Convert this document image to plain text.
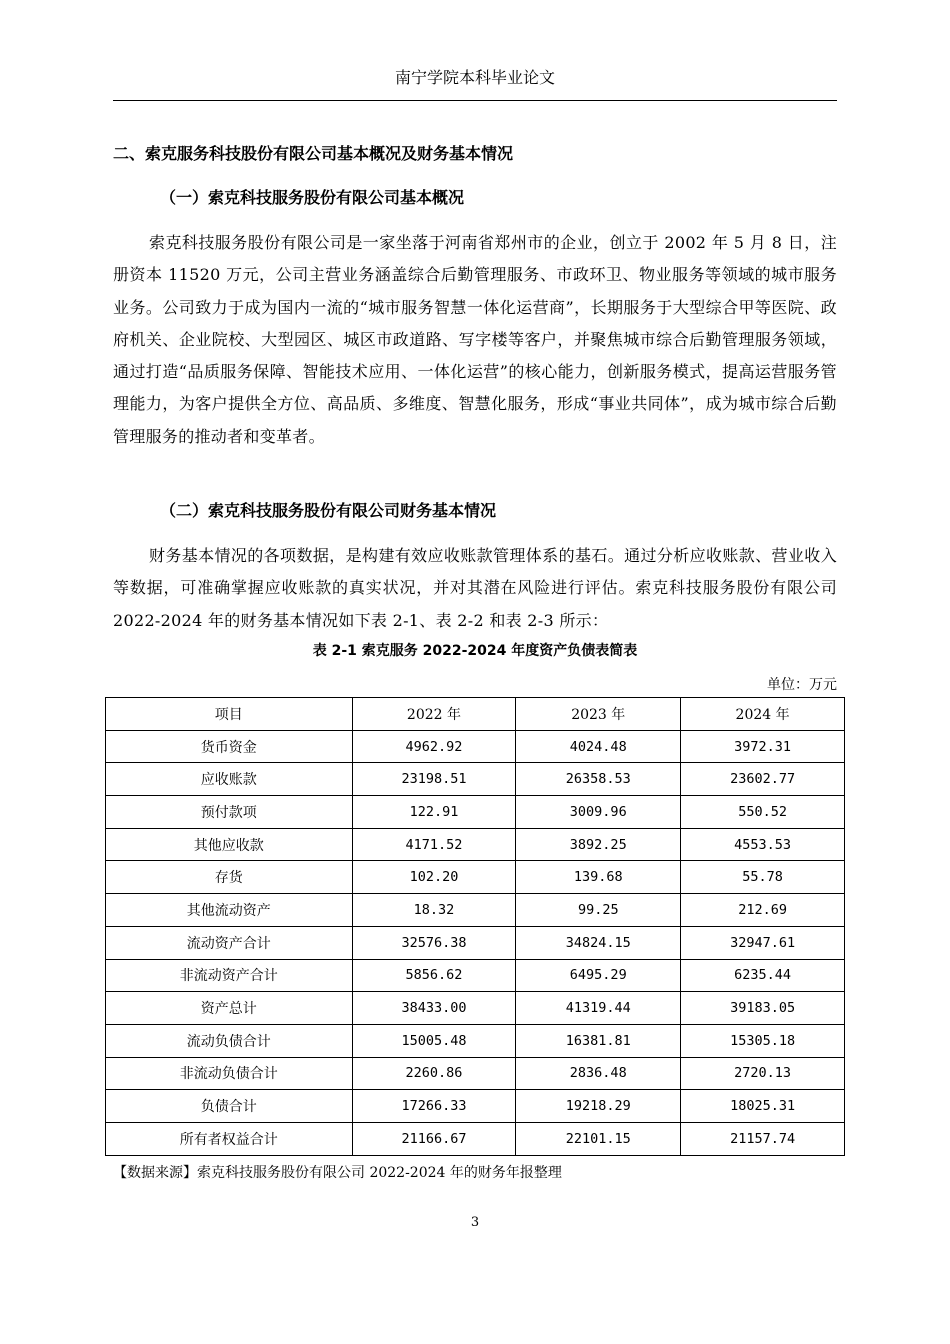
南宁学院本科毕业论文
二、索克服务科技股份有限公司基本概况及财务基本情况
（一）索克科技服务股份有限公司基本概况

索克科技服务股份有限公司是一家坐落于河南省郑州市的企业，创立于 2002 年 5 月 8 日，注册资本 11520 万元，公司主营业务涵盖综合后勤管理服务、市政环卫、物业服务等领域的城市服务业务。公司致力于成为国内一流的“城市服务智慧一体化运营商”，长期服务于大型综合甲等医院、政府机关、企业院校、大型园区、城区市政道路、写字楼等客户，并聚焦城市综合后勤管理服务领域，通过打造“品质服务保障、智能技术应用、一体化运营”的核心能力，创新服务模式，提高运营服务管理能力，为客户提供全方位、高品质、多维度、智慧化服务，形成“事业共同体”，成为城市综合后勤管理服务的推动者和变革者。

（二）索克科技服务股份有限公司财务基本情况

财务基本情况的各项数据，是构建有效应收账款管理体系的基石。通过分析应收账款、营业收入等数据，可准确掌握应收账款的真实状况，并对其潜在风险进行评估。索克科技服务股份有限公司 2022-2024 年的财务基本情况如下表 2-1、表 2-2 和表 2-3 所示：

表 2-1 索克服务 2022-2024 年度资产负债表简表
单位：万元
项目	2022 年	2023 年	2024 年
货币资金	4962.92	4024.48	3972.31
应收账款	23198.51	26358.53	23602.77
预付款项	122.91	3009.96	550.52
其他应收款	4171.52	3892.25	4553.53
存货	102.20	139.68	55.78
其他流动资产	18.32	99.25	212.69
流动资产合计	32576.38	34824.15	32947.61
非流动资产合计	5856.62	6495.29	6235.44
资产总计	38433.00	41319.44	39183.05
流动负债合计	15005.48	16381.81	15305.18
非流动负债合计	2260.86	2836.48	2720.13
负债合计	17266.33	19218.29	18025.31
所有者权益合计	21166.67	22101.15	21157.74
【数据来源】索克科技服务股份有限公司 2022-2024 年的财务年报整理
3
